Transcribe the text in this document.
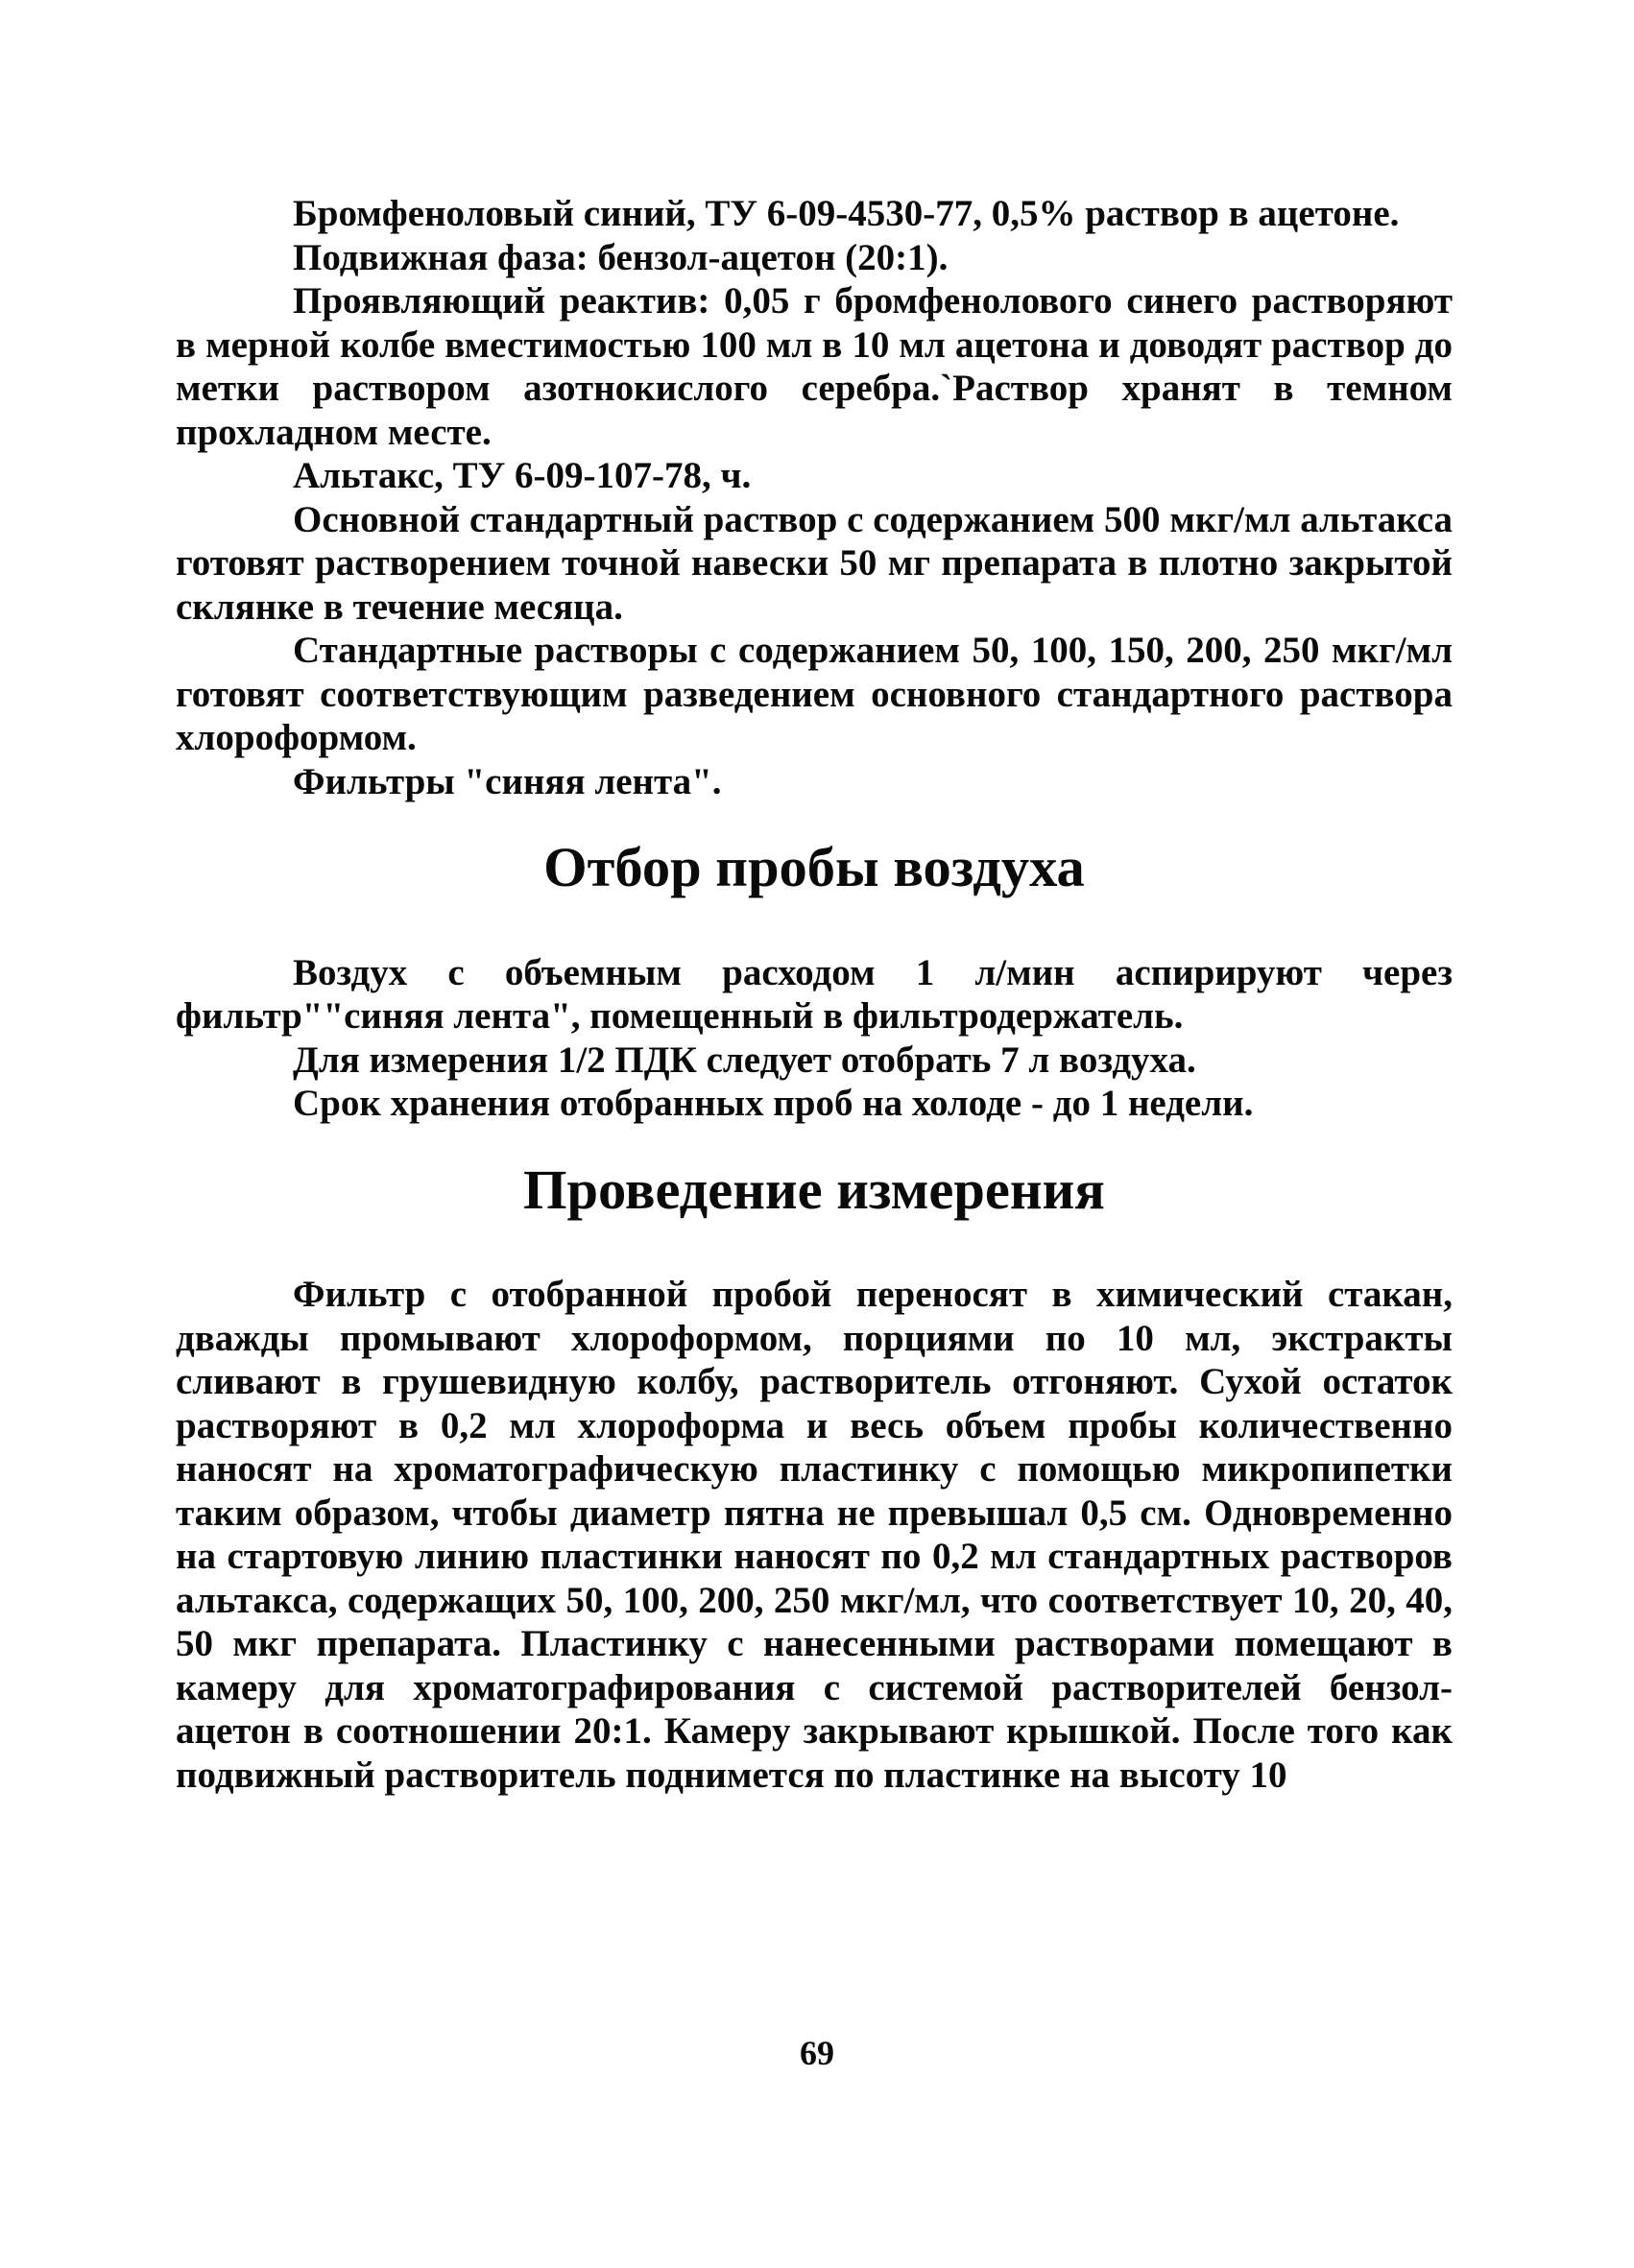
Бромфеноловый синий, ТУ 6-09-4530-77, 0,5% раствор в ацетоне.

Подвижная фаза: бензол-ацетон (20:1).

Проявляющий реактив: 0,05 г бромфенолового синего растворяют в мерной колбе вместимостью 100 мл в 10 мл ацетона и доводят раствор до метки раствором азотнокислого серебра.`Раствор хранят в темном прохладном месте.

Альтакс, ТУ 6-09-107-78, ч.

Основной стандартный раствор с содержанием 500 мкг/мл альтакса готовят растворением точной навески 50 мг препарата в плотно закрытой склянке в течение месяца.

Стандартные растворы с содержанием 50, 100, 150, 200, 250 мкг/мл готовят соответствующим разведением основного стандартного раствора хлороформом.

Фильтры "синяя лента".

Отбор пробы воздуха

Воздух с объемным расходом 1 л/мин аспирируют через фильтр""синяя лента", помещенный в фильтродержатель.

Для измерения 1/2 ПДК следует отобрать 7 л воздуха.

Срок хранения отобранных проб на холоде - до 1 недели.

Проведение измерения

Фильтр с отобранной пробой переносят в химический стакан, дважды промывают хлороформом, порциями по 10 мл, экстракты сливают в грушевидную колбу, растворитель отгоняют. Сухой остаток растворяют в 0,2 мл хлороформа и весь объем пробы количественно наносят на хроматографическую пластинку с помощью микропипетки таким образом, чтобы диаметр пятна не превышал 0,5 см. Одновременно на стартовую линию пластинки наносят по 0,2 мл стандартных растворов альтакса, содержащих 50, 100, 200, 250 мкг/мл, что соответствует 10, 20, 40, 50 мкг препарата. Пластинку с нанесенными растворами помещают в камеру для хроматографирования с системой растворителей бензол-ацетон в соотношении 20:1. Камеру закрывают крышкой. После того как подвижный растворитель поднимется по пластинке на высоту 10

69
